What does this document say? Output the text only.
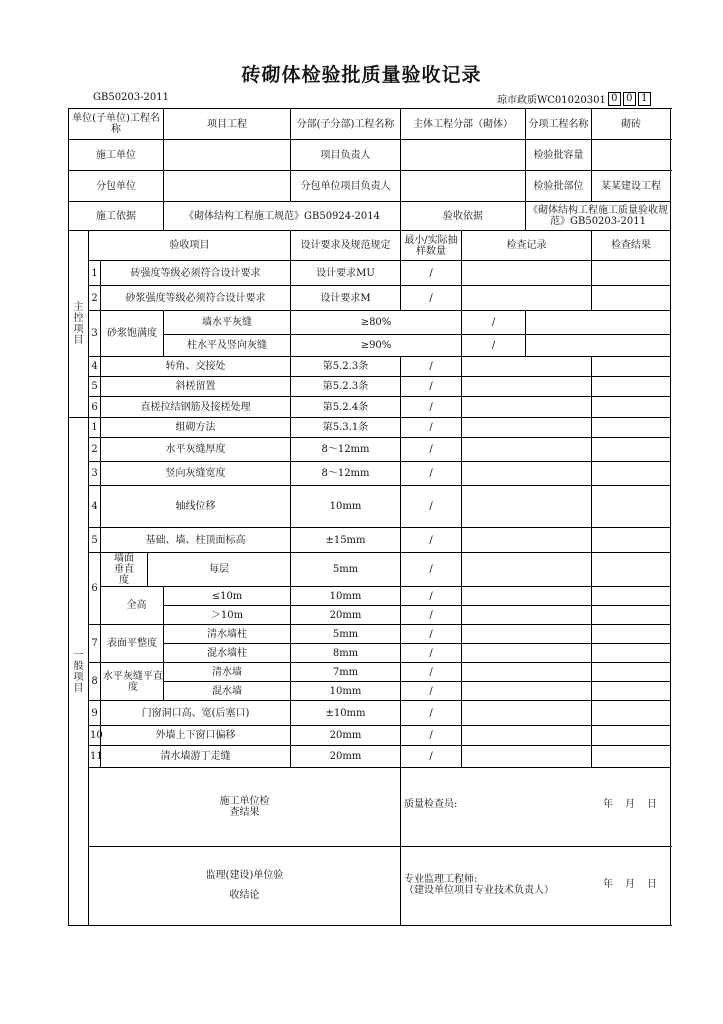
砖砌体检验批质量验收记录
GB50203-2011	琼市政质WC01020301 0 0 1
单位(子单位)工程名称				项目工程	分部(子分部)工程名称	主体工程分部（砌体）		分项工程名称	砌砖	
施工单位					项目负责人			检验批容量		
分包单位					分包单位项目负责人			检验批部位	某某建设工程	
施工依据				《砌体结构工程施工规范》GB50924-2014		验收依据		《砌体结构工程施工质量验收规范》GB50203-2011		
主控项目	验收项目				设计要求及规范规定	最小/实际抽样数量	检查记录		检查结果	
	1	砖强度等级必须符合设计要求			设计要求MU	/				
	2	砂浆强度等级必须符合设计要求			设计要求M	/				
	3	砂浆饱满度		墙水平灰缝	≥80%		/			
				柱水平及竖向灰缝	≥90%		/			
	4	转角、交接处			第5.2.3条	/				
	5	斜槎留置			第5.2.3条	/				
	6	直槎拉结钢筋及接槎处理			第5.2.4条	/				
一般项目	1	组砌方法			第5.3.1条	/				
	2	水平灰缝厚度			8～12mm	/				
	3	竖向灰缝宽度			8～12mm	/				
	4	轴线位移			10mm	/				
	5	基础、墙、柱顶面标高			±15mm	/				
	6	墙面垂直度	每层		5mm	/				
		全高		≤10m	10mm	/				
				＞10m	20mm	/				
	7	表面平整度		清水墙柱	5mm	/				
				混水墙柱	8mm	/				
	8	水平灰缝平直度		清水墙	7mm	/				
				混水墙	10mm	/				
	9	门窗洞口高、宽(后塞口)			±10mm	/				
	10	外墙上下窗口偏移			20mm	/				
	11	清水墙游丁走缝			20mm	/				
	施工单位检查结果					质量检查员: 年 月 日				

	监理(建设)单位验收结论					专业监理工程师:
（建设单位项目专业技术负责人）
年 月 日				
